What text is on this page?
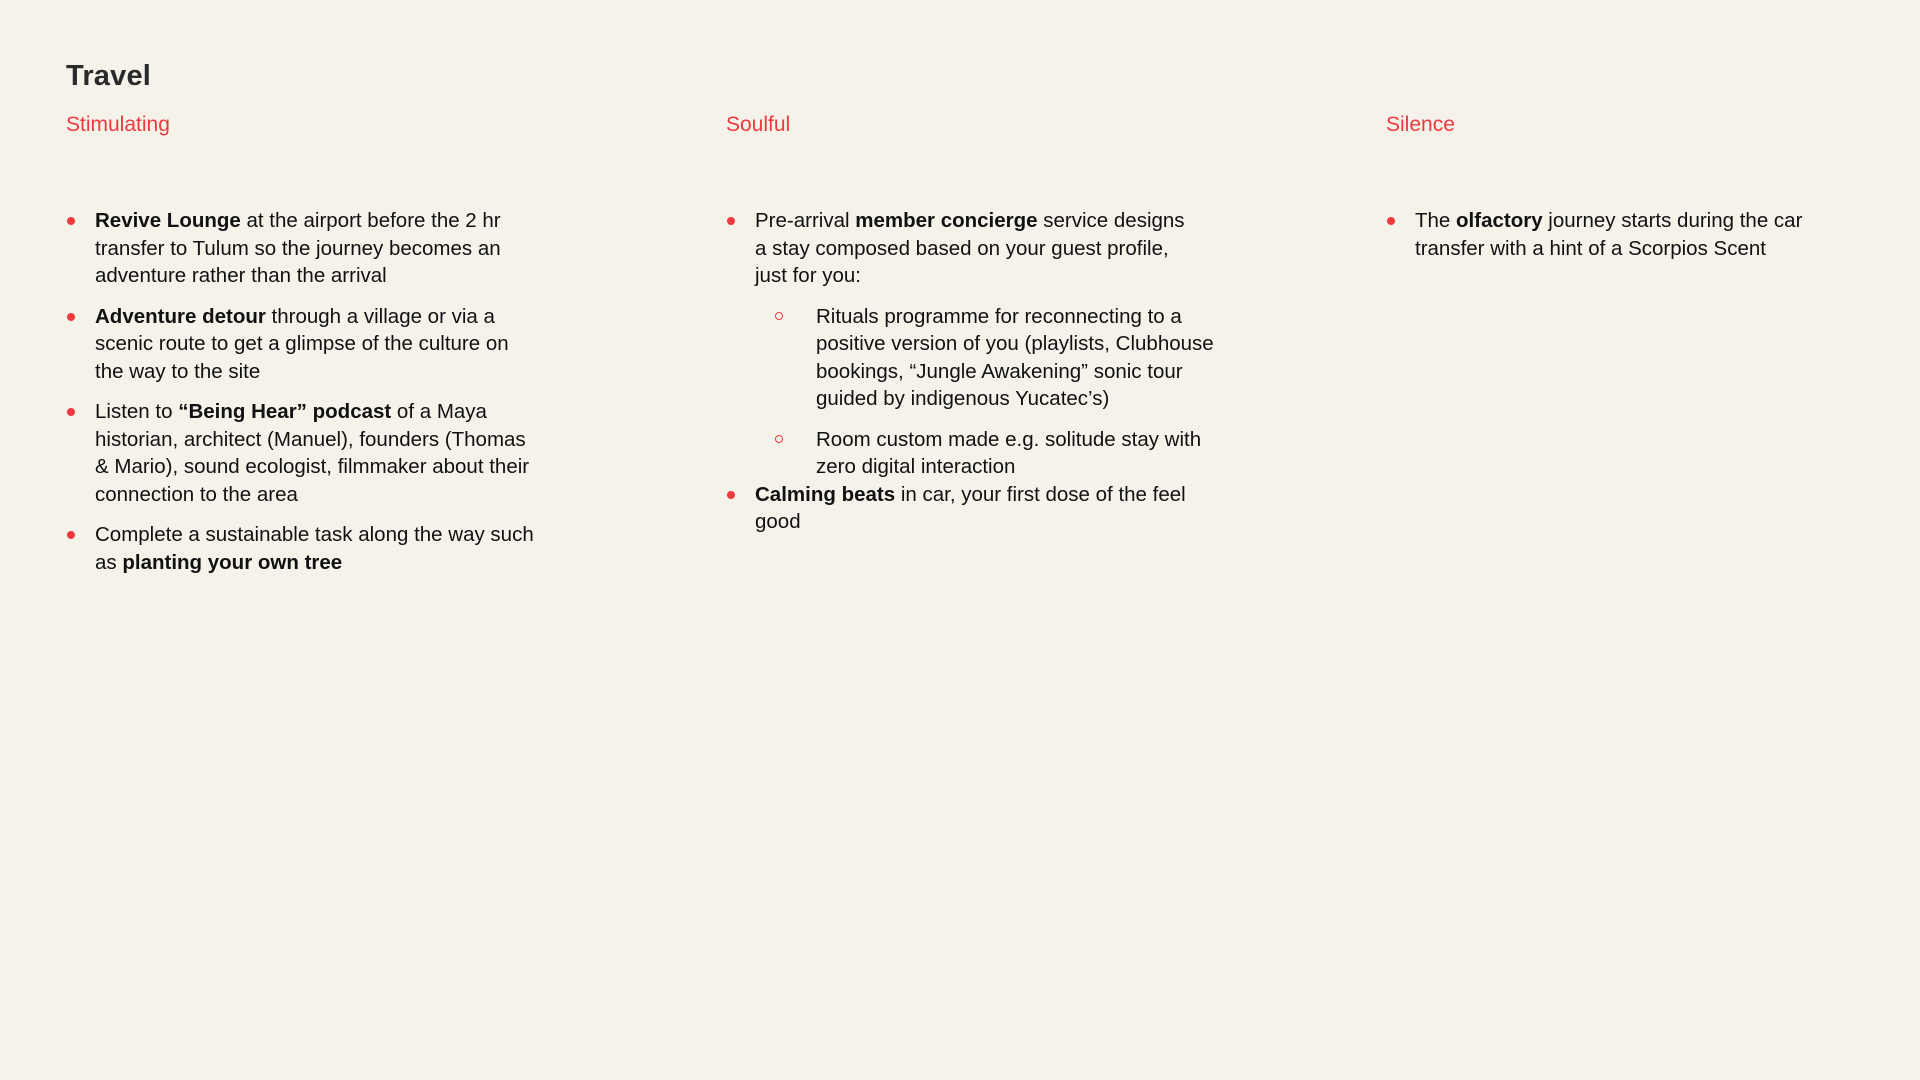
Travel
Stimulating
Revive Lounge at the airport before the 2 hr transfer to Tulum so the journey becomes an adventure rather than the arrival
Adventure detour through a village or via a scenic route to get a glimpse of the culture on the way to the site
Listen to “Being Hear” podcast of a Maya historian, architect (Manuel), founders (Thomas & Mario), sound ecologist, filmmaker about their connection to the area
Complete a sustainable task along the way such as planting your own tree
Soulful
Pre-arrival member concierge service designs a stay composed based on your guest profile, just for you:
Rituals programme for reconnecting to a positive version of you (playlists, Clubhouse bookings, “Jungle Awakening” sonic tour guided by indigenous Yucatec’s)
Room custom made e.g. solitude stay with zero digital interaction
Calming beats in car, your first dose of the feel good
Silence
The olfactory journey starts during the car transfer with a hint of a Scorpios Scent
